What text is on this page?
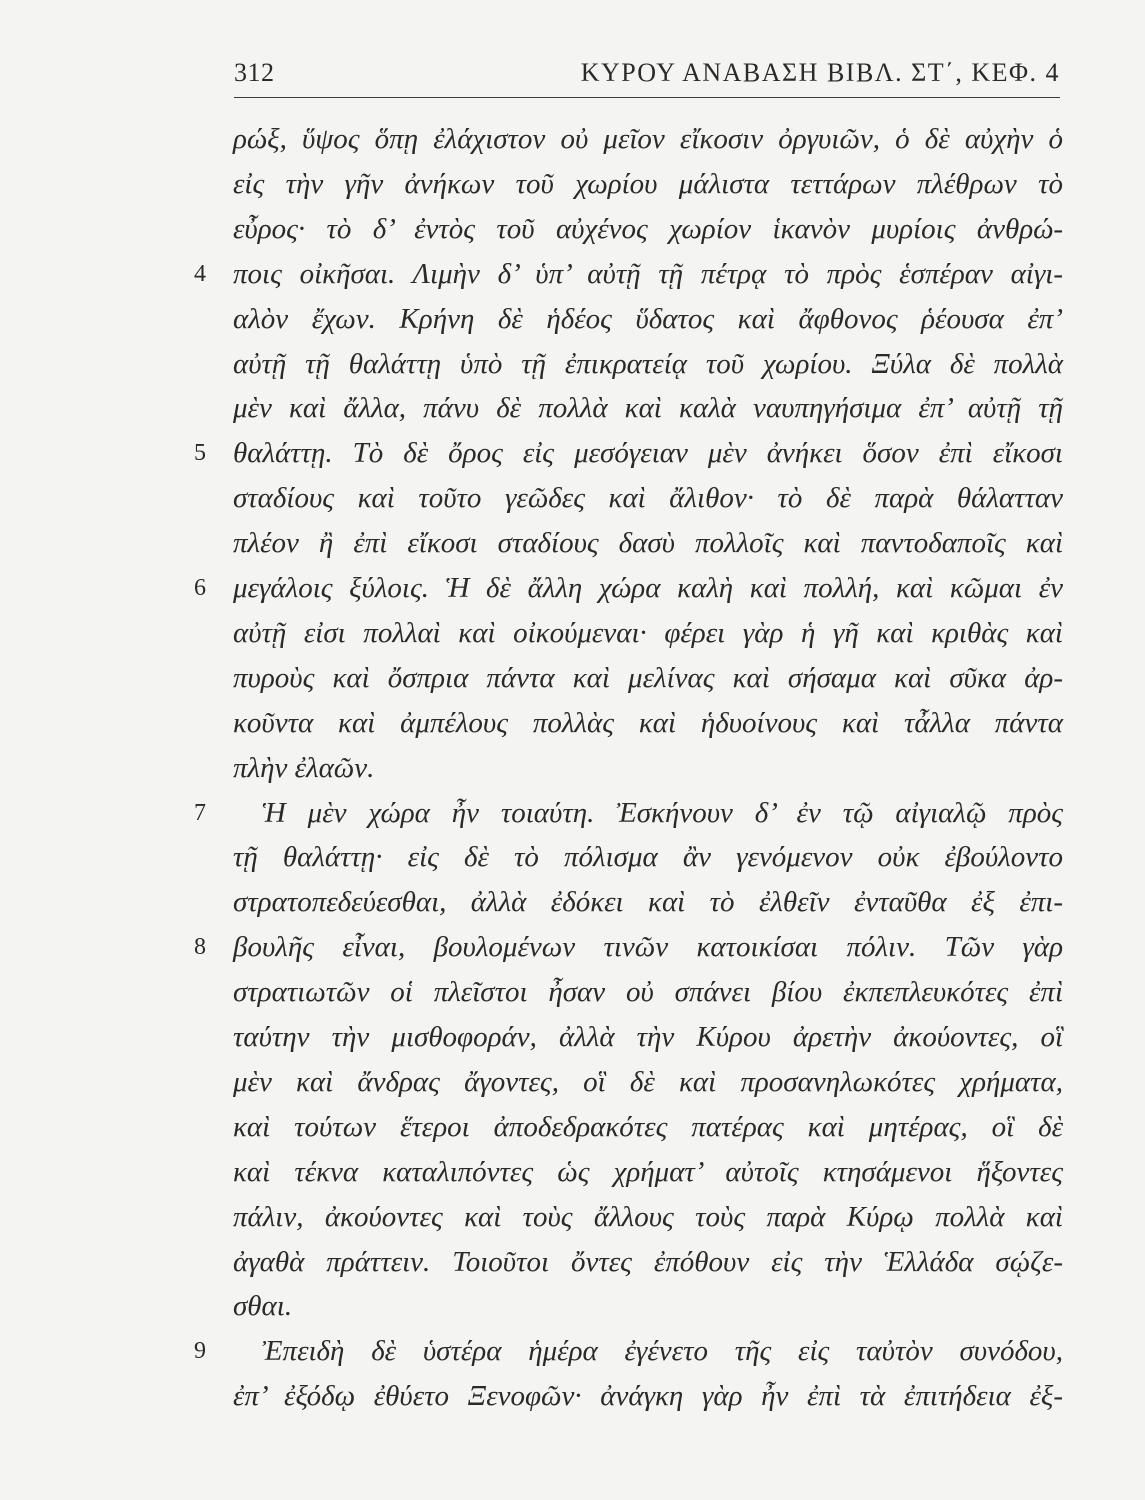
312	ΚΥΡΟΥ ΑΝΑΒΑΣΗ ΒΙΒΛ. ΣΤ΄, ΚΕΦ. 4
ρώξ, ὕψος ὅπῃ ἐλάχιστον οὐ μεῖον εἴκοσιν ὀργυιῶν, ὁ δὲ αὐχὴν ὁ
εἰς τὴν γῆν ἀνήκων τοῦ χωρίου μάλιστα τεττάρων πλέθρων τὸ
εὖρος· τὸ δ’ ἐντὸς τοῦ αὐχένος χωρίον ἱκανὸν μυρίοις ἀνθρώ-
ποις οἰκῆσαι. Λιμὴν δ’ ὑπ’ αὐτῇ τῇ πέτρᾳ τὸ πρὸς ἑσπέραν αἰγι-
4
αλὸν ἔχων. Κρήνη δὲ ἡδέος ὕδατος καὶ ἄφθονος ῥέουσα ἐπ’
αὐτῇ τῇ θαλάττῃ ὑπὸ τῇ ἐπικρατείᾳ τοῦ χωρίου. Ξύλα δὲ πολλὰ
μὲν καὶ ἄλλα, πάνυ δὲ πολλὰ καὶ καλὰ ναυπηγήσιμα ἐπ’ αὐτῇ τῇ
θαλάττῃ. Τὸ δὲ ὄρος εἰς μεσόγειαν μὲν ἀνήκει ὅσον ἐπὶ εἴκοσι
5
σταδίους καὶ τοῦτο γεῶδες καὶ ἄλιθον· τὸ δὲ παρὰ θάλατταν
πλέον ἢ ἐπὶ εἴκοσι σταδίους δασὺ πολλοῖς καὶ παντοδαποῖς καὶ
μεγάλοις ξύλοις. Ἡ δὲ ἄλλη χώρα καλὴ καὶ πολλή, καὶ κῶμαι ἐν
6
αὐτῇ εἰσι πολλαὶ καὶ οἰκούμεναι· φέρει γὰρ ἡ γῆ καὶ κριθὰς καὶ
πυροὺς καὶ ὄσπρια πάντα καὶ μελίνας καὶ σήσαμα καὶ σῦκα ἀρ-
κοῦντα καὶ ἀμπέλους πολλὰς καὶ ἡδυοίνους καὶ τἆλλα πάντα
πλὴν ἐλαῶν.
Ἡ μὲν χώρα ἦν τοιαύτη. Ἐσκήνουν δ’ ἐν τῷ αἰγιαλῷ πρὸς
7
τῇ θαλάττῃ· εἰς δὲ τὸ πόλισμα ἂν γενόμενον οὐκ ἐβούλοντο
στρατοπεδεύεσθαι, ἀλλὰ ἐδόκει καὶ τὸ ἐλθεῖν ἐνταῦθα ἐξ ἐπι-
βουλῆς εἶναι, βουλομένων τινῶν κατοικίσαι πόλιν. Τῶν γὰρ
8
στρατιωτῶν οἱ πλεῖστοι ἦσαν οὐ σπάνει βίου ἐκπεπλευκότες ἐπὶ
ταύτην τὴν μισθοφοράν, ἀλλὰ τὴν Κύρου ἀρετὴν ἀκούοντες, οἳ
μὲν καὶ ἄνδρας ἄγοντες, οἳ δὲ καὶ προσανηλωκότες χρήματα,
καὶ τούτων ἕτεροι ἀποδεδρακότες πατέρας καὶ μητέρας, οἳ δὲ
καὶ τέκνα καταλιπόντες ὡς χρήματ’ αὐτοῖς κτησάμενοι ἥξοντες
πάλιν, ἀκούοντες καὶ τοὺς ἄλλους τοὺς παρὰ Κύρῳ πολλὰ καὶ
ἀγαθὰ πράττειν. Τοιοῦτοι ὄντες ἐπόθουν εἰς τὴν Ἑλλάδα σῴζε-
σθαι.
Ἐπειδὴ δὲ ὑστέρα ἡμέρα ἐγένετο τῆς εἰς ταὐτὸν συνόδου,
9
ἐπ’ ἐξόδῳ ἐθύετο Ξενοφῶν· ἀνάγκη γὰρ ἦν ἐπὶ τὰ ἐπιτήδεια ἐξ-
